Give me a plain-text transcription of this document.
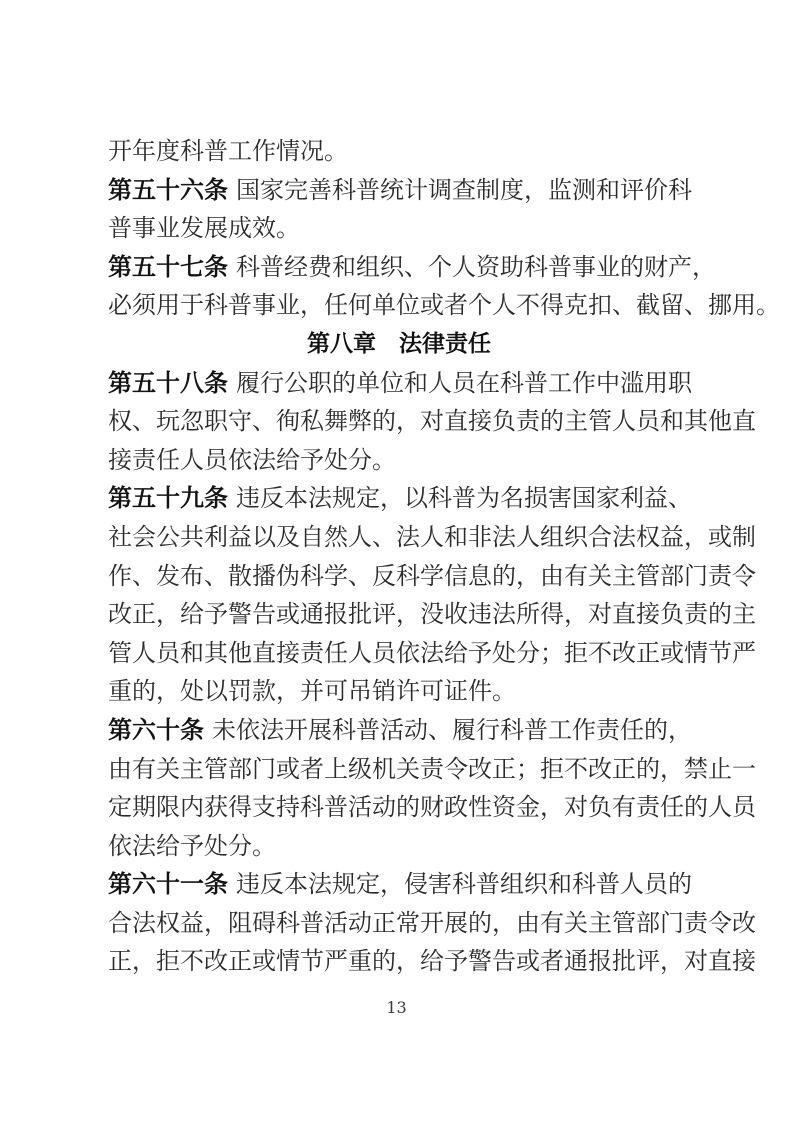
开年度科普工作情况。
第五十六条
　 国 家 完 善 科 普 统 计 调 查 制 度 ， 监 测 和 评 价 科
普事业发展成效。
第五十七条
　 科 普 经 费 和 组 织 、 个 人 资 助 科 普 事 业 的 财 产 ，
必 须 用 于 科 普 事 业 ， 任 何 单 位 或 者 个 人 不 得 克 扣 、 截 留 、 挪 用 。
第八章　法律责任
第五十八条
　 履 行 公 职 的 单 位 和 人 员 在 科 普 工 作 中 滥 用 职
权 、 玩 忽 职 守 、 徇 私 舞 弊 的 ， 对 直 接 负 责 的 主 管 人 员 和 其 他 直
接责任人员依法给予处分。
第五十九条
　 违 反 本 法 规 定 ， 以 科 普 为 名 损 害 国 家 利 益 、
社 会 公 共 利 益 以 及 自 然 人 、 法 人 和 非 法 人 组 织 合 法 权 益 ， 或 制
作 、 发 布 、 散 播 伪 科 学 、 反 科 学 信 息 的 ， 由 有 关 主 管 部 门 责 令
改 正 ， 给 予 警 告 或 通 报 批 评 ， 没 收 违 法 所 得 ， 对 直 接 负 责 的 主
管 人 员 和 其 他 直 接 责 任 人 员 依 法 给 予 处 分 ； 拒 不 改 正 或 情 节 严
重的，处以罚款，并可吊销许可证件。
第六十条
　 未 依 法 开 展 科 普 活 动 、 履 行 科 普 工 作 责 任 的 ，
由 有 关 主 管 部 门 或 者 上 级 机 关 责 令 改 正 ； 拒 不 改 正 的 ， 禁 止 一
定 期 限 内 获 得 支 持 科 普 活 动 的 财 政 性 资 金 ， 对 负 有 责 任 的 人 员
依法给予处分。
第六十一条
　 违 反 本 法 规 定 ， 侵 害 科 普 组 织 和 科 普 人 员 的
合 法 权 益 ， 阻 碍 科 普 活 动 正 常 开 展 的 ， 由 有 关 主 管 部 门 责 令 改
正 ， 拒 不 改 正 或 情 节 严 重 的 ， 给 予 警 告 或 者 通 报 批 评 ， 对 直 接
13
